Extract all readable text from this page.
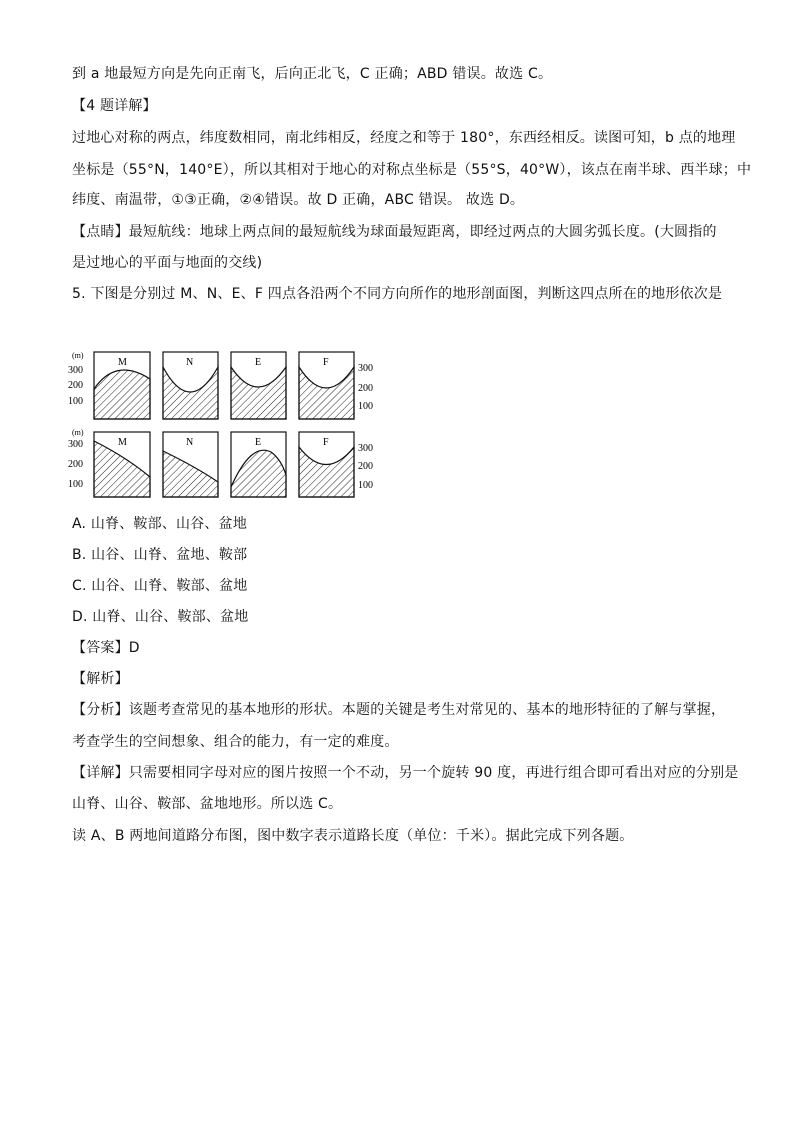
到 a 地最短方向是先向正南飞，后向正北飞，C 正确；ABD 错误。故选 C。
【4 题详解】
过地心对称的两点，纬度数相同，南北纬相反，经度之和等于 180°，东西经相反。读图可知，b 点的地理
坐标是（55°N，140°E），所以其相对于地心的对称点坐标是（55°S，40°W），该点在南半球、西半球；中
纬度、南温带，①③正确，②④错误。故 D 正确，ABC 错误。 故选 D。
【点睛】最短航线：地球上两点间的最短航线为球面最短距离，即经过两点的大圆劣弧长度。(大圆指的
是过地心的平面与地面的交线)
5. 下图是分别过 M、N、E、F 四点各沿两个不同方向所作的地形剖面图，判断这四点所在的地形依次是
(m)
300
200
100
M	N	E	F
300
200
100
(m)
300
200
100
M	N	E	F
300
200
100
A. 山脊、鞍部、山谷、盆地
B. 山谷、山脊、盆地、鞍部
C. 山谷、山脊、鞍部、盆地
D. 山脊、山谷、鞍部、盆地
【答案】D
【解析】
【分析】该题考查常见的基本地形的形状。本题的关键是考生对常见的、基本的地形特征的了解与掌握，
考查学生的空间想象、组合的能力，有一定的难度。
【详解】只需要相同字母对应的图片按照一个不动，另一个旋转 90 度，再进行组合即可看出对应的分别是
山脊、山谷、鞍部、盆地地形。所以选 C。
读 A、B 两地间道路分布图，图中数字表示道路长度（单位：千米）。据此完成下列各题。
